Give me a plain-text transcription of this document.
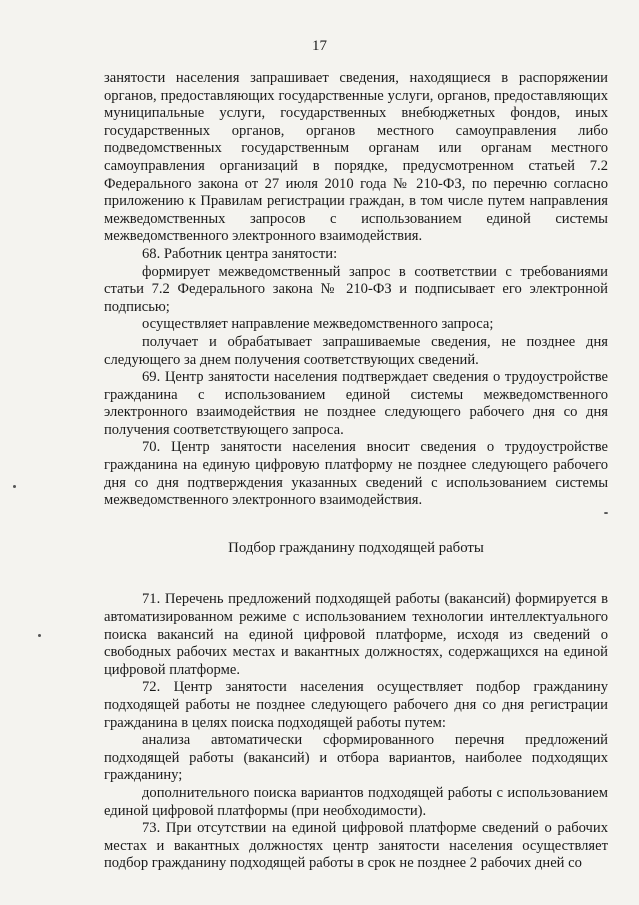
17

занятости населения запрашивает сведения, находящиеся в распоряжении органов, предоставляющих государственные услуги, органов, предоставляющих муниципальные услуги, государственных внебюджетных фондов, иных государственных органов, органов местного самоуправления либо подведомственных государственным органам или органам местного самоуправления организаций в порядке, предусмотренном статьей 7.2 Федерального закона от 27 июля 2010 года № 210-ФЗ, по перечню согласно приложению к Правилам регистрации граждан, в том числе путем направления межведомственных запросов с использованием единой системы межведомственного электронного взаимодействия.

68. Работник центра занятости:

формирует межведомственный запрос в соответствии с требованиями статьи 7.2 Федерального закона № 210-ФЗ и подписывает его электронной подписью;

осуществляет направление межведомственного запроса;

получает и обрабатывает запрашиваемые сведения, не позднее дня следующего за днем получения соответствующих сведений.

69. Центр занятости населения подтверждает сведения о трудоустройстве гражданина с использованием единой системы межведомственного электронного взаимодействия не позднее следующего рабочего дня со дня получения соответствующего запроса.

70. Центр занятости населения вносит сведения о трудоустройстве гражданина на единую цифровую платформу не позднее следующего рабочего дня со дня подтверждения указанных сведений с использованием системы межведомственного электронного взаимодействия.

Подбор гражданину подходящей работы

71. Перечень предложений подходящей работы (вакансий) формируется в автоматизированном режиме с использованием технологии интеллектуального поиска вакансий на единой цифровой платформе, исходя из сведений о свободных рабочих местах и вакантных должностях, содержащихся на единой цифровой платформе.

72. Центр занятости населения осуществляет подбор гражданину подходящей работы не позднее следующего рабочего дня со дня регистрации гражданина в целях поиска подходящей работы путем:

анализа автоматически сформированного перечня предложений подходящей работы (вакансий) и отбора вариантов, наиболее подходящих гражданину;

дополнительного поиска вариантов подходящей работы с использованием единой цифровой платформы (при необходимости).

73. При отсутствии на единой цифровой платформе сведений о рабочих местах и вакантных должностях центр занятости населения осуществляет подбор гражданину подходящей работы в срок не позднее 2 рабочих дней со
